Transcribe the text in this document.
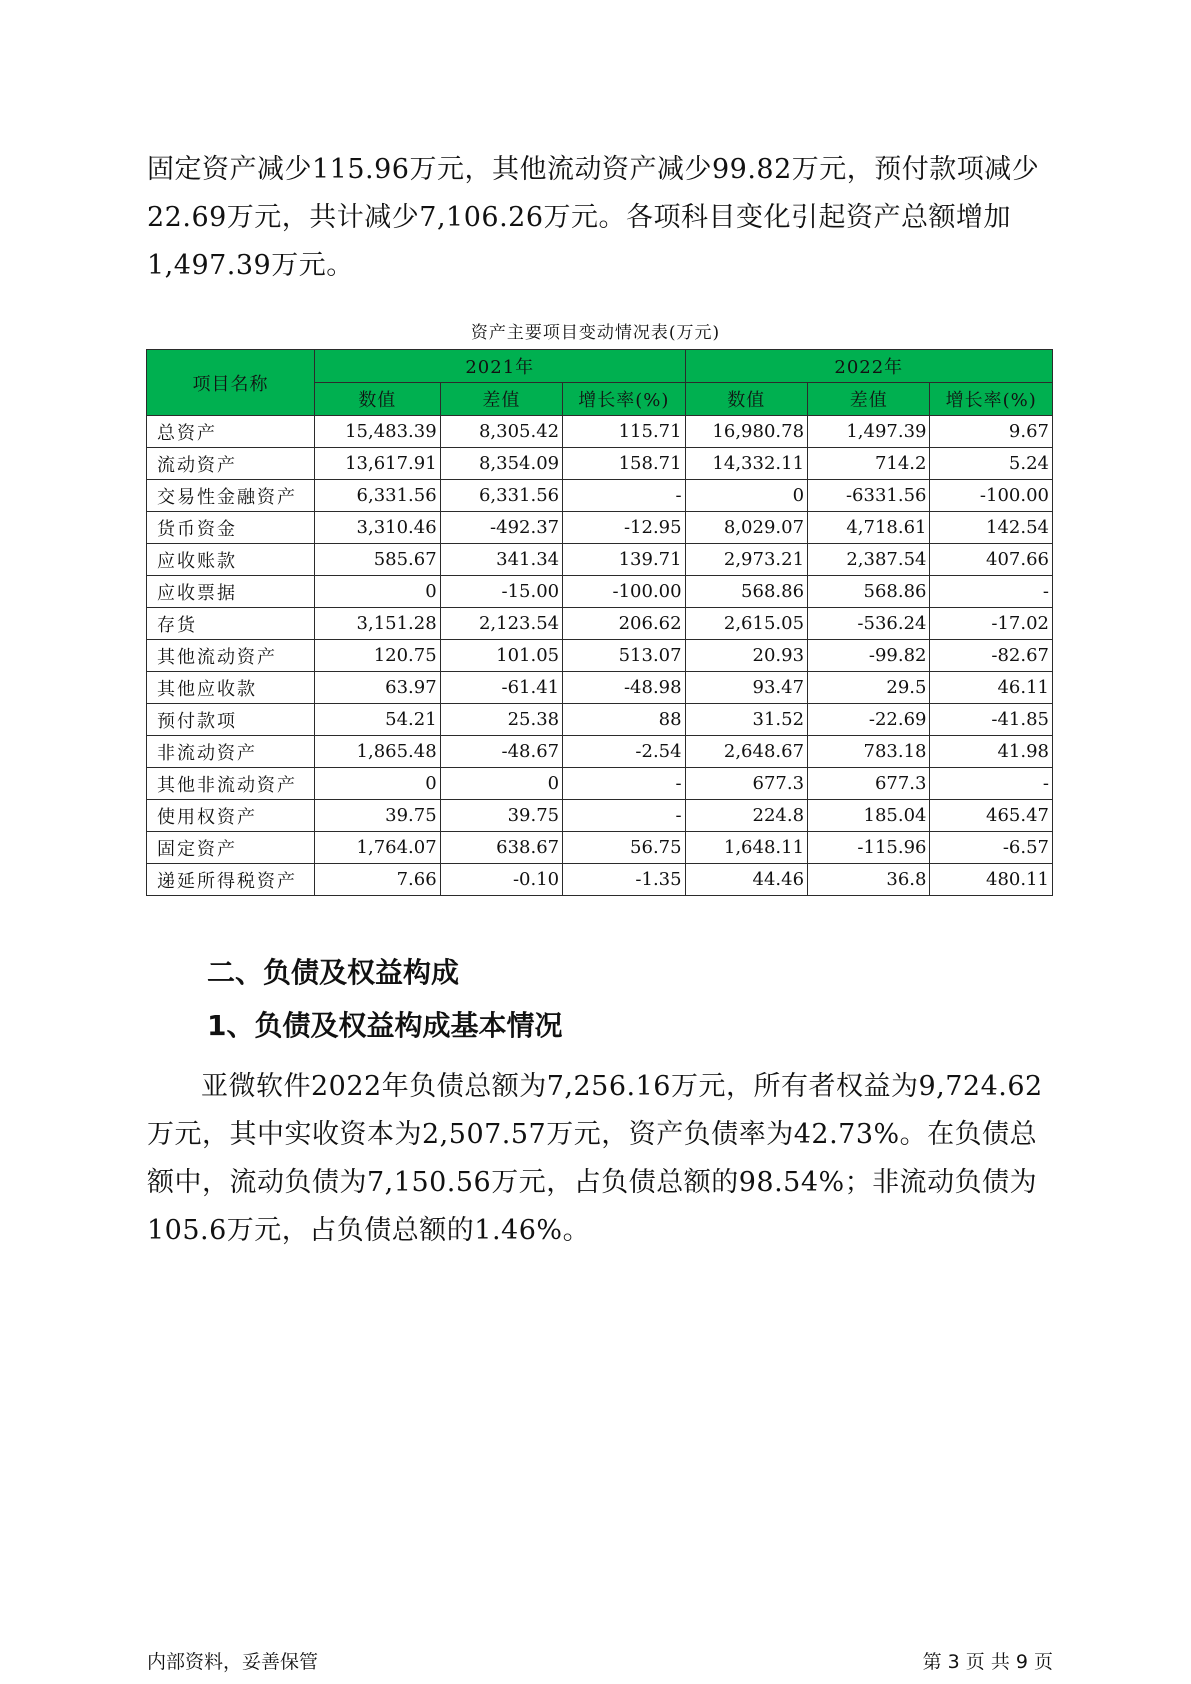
固定资产减少115.96万元，其他流动资产减少99.82万元，预付款项减少22.69万元，共计减少7,106.26万元。各项科目变化引起资产总额增加1,497.39万元。

资产主要项目变动情况表(万元)
项目名称	2021年			2022年		
	数值	差值	增长率(%)	数值	差值	增长率(%)
总资产	15,483.39	8,305.42	115.71	16,980.78	1,497.39	9.67
流动资产	13,617.91	8,354.09	158.71	14,332.11	714.2	5.24
交易性金融资产	6,331.56	6,331.56	-	0	-6331.56	-100.00
货币资金	3,310.46	-492.37	-12.95	8,029.07	4,718.61	142.54
应收账款	585.67	341.34	139.71	2,973.21	2,387.54	407.66
应收票据	0	-15.00	-100.00	568.86	568.86	-
存货	3,151.28	2,123.54	206.62	2,615.05	-536.24	-17.02
其他流动资产	120.75	101.05	513.07	20.93	-99.82	-82.67
其他应收款	63.97	-61.41	-48.98	93.47	29.5	46.11
预付款项	54.21	25.38	88	31.52	-22.69	-41.85
非流动资产	1,865.48	-48.67	-2.54	2,648.67	783.18	41.98
其他非流动资产	0	0	-	677.3	677.3	-
使用权资产	39.75	39.75	-	224.8	185.04	465.47
固定资产	1,764.07	638.67	56.75	1,648.11	-115.96	-6.57
递延所得税资产	7.66	-0.10	-1.35	44.46	36.8	480.11
二、负债及权益构成
1、负债及权益构成基本情况

亚微软件2022年负债总额为7,256.16万元，所有者权益为9,724.62万元，其中实收资本为2,507.57万元，资产负债率为42.73%。在负债总额中，流动负债为7,150.56万元，占负债总额的98.54%；非流动负债为105.6万元，占负债总额的1.46%。

内部资料，妥善保管	第 3 页 共 9 页
